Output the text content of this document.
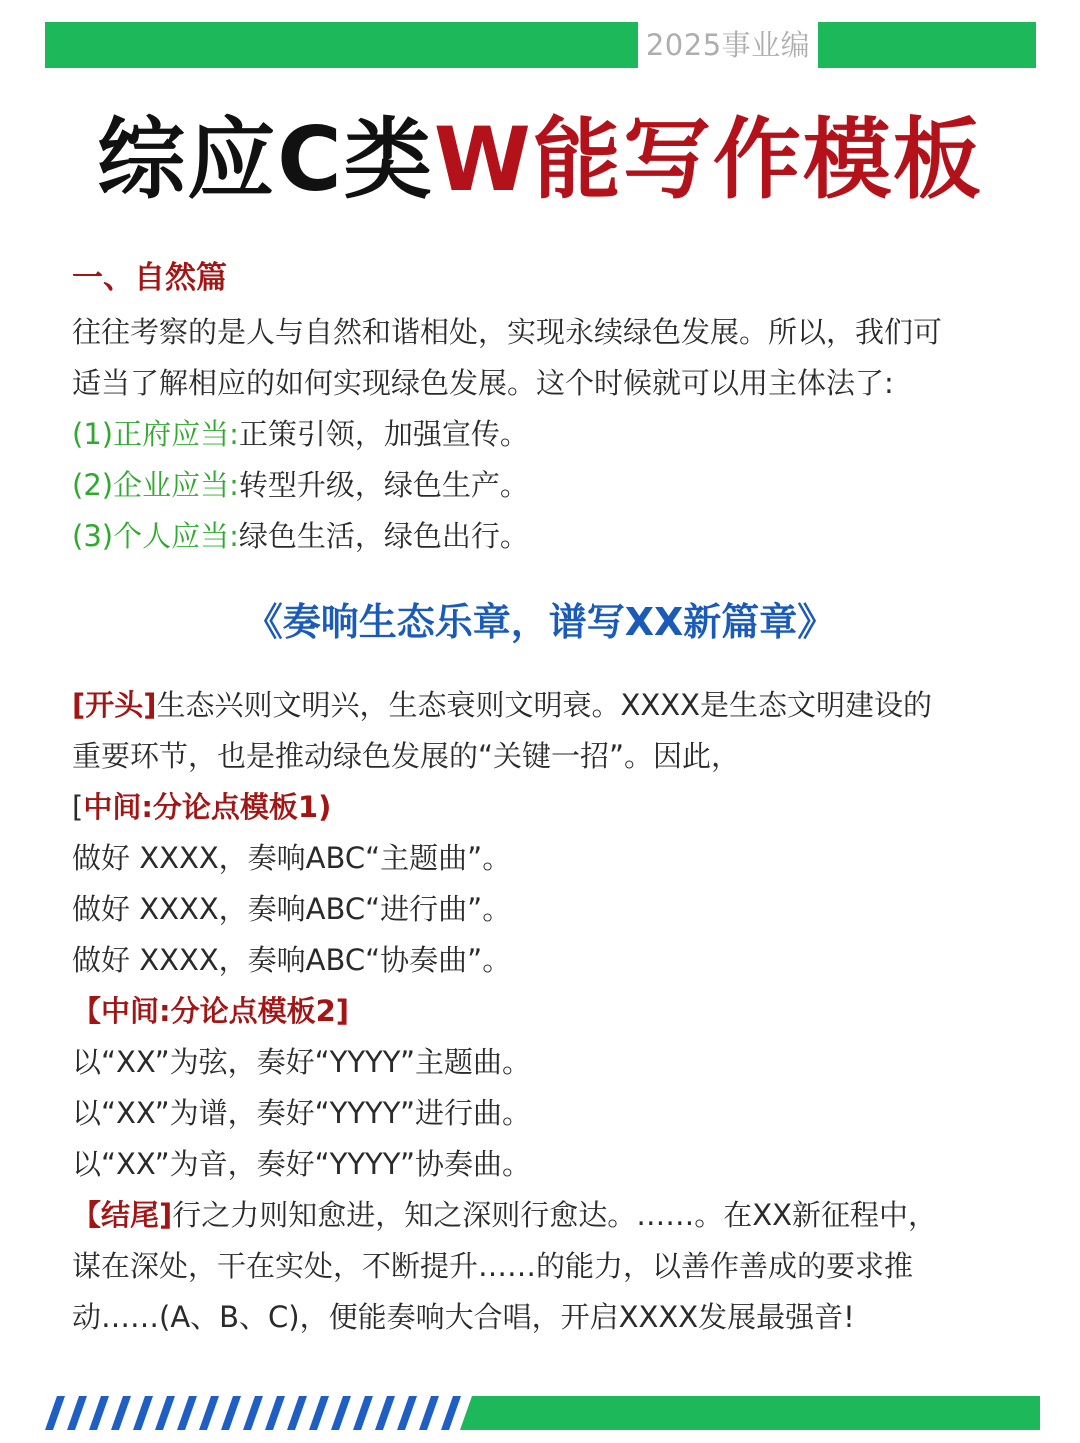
2025事业编
综应C类W能写作模板
一、自然篇
往往考察的是人与自然和谐相处，实现永续绿色发展。所以，我们可
适当了解相应的如何实现绿色发展。这个时候就可以用主体法了:
(1)正府应当:正策引领，加强宣传。
(2)企业应当:转型升级，绿色生产。
(3)个人应当:绿色生活，绿色出行。
《奏响生态乐章，谱写XX新篇章》
[开头]生态兴则文明兴，生态衰则文明衰。XXXX是生态文明建设的
重要环节，也是推动绿色发展的“关键一招”。因此，
[中间:分论点模板1)
做好 XXXX，奏响ABC“主题曲”。
做好 XXXX，奏响ABC“进行曲”。
做好 XXXX，奏响ABC“协奏曲”。
【中间:分论点模板2]
以“XX”为弦，奏好“YYYY”主题曲。
以“XX”为谱，奏好“YYYY”进行曲。
以“XX”为音，奏好“YYYY”协奏曲。
【结尾]行之力则知愈进，知之深则行愈达。……。在XX新征程中，
谋在深处，干在实处，不断提升……的能力，以善作善成的要求推
动……(A、B、C)，便能奏响大合唱，开启XXXX发展最强音!
